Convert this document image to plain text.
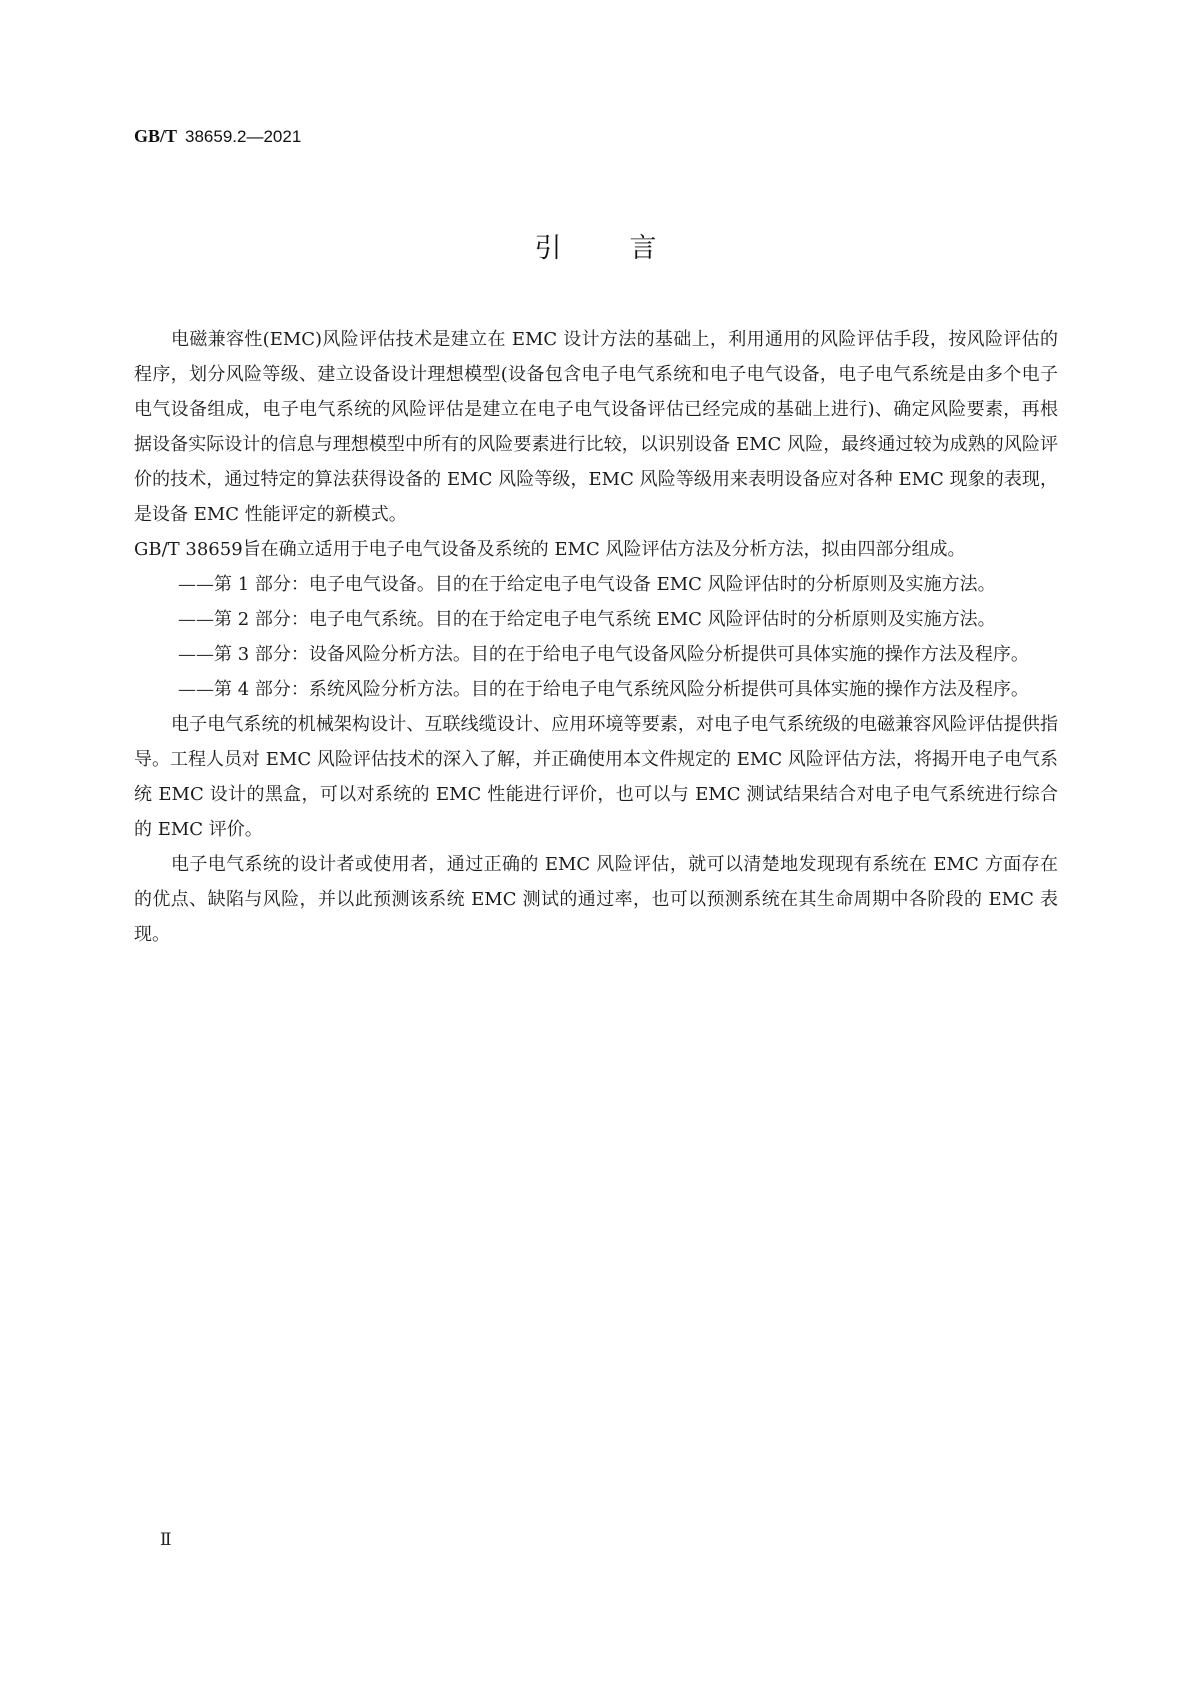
GB/T 38659.2—2021
引	言

电磁兼容性(EMC)风险评估技术是建立在 EMC 设计方法的基础上，利用通用的风险评估手段，按风险评估的程序，划分风险等级、建立设备设计理想模型(设备包含电子电气系统和电子电气设备，电子电气系统是由多个电子电气设备组成，电子电气系统的风险评估是建立在电子电气设备评估已经完成的基础上进行)、确定风险要素，再根据设备实际设计的信息与理想模型中所有的风险要素进行比较，以识别设备 EMC 风险，最终通过较为成熟的风险评价的技术，通过特定的算法获得设备的 EMC 风险等级，EMC 风险等级用来表明设备应对各种 EMC 现象的表现，是设备 EMC 性能评定的新模式。

GB/T 38659旨在确立适用于电子电气设备及系统的 EMC 风险评估方法及分析方法，拟由四部分组成。

—— 第 1 部分：电子电气设备。目的在于给定电子电气设备 EMC 风险评估时的分析原则及实施方法。

—— 第 2 部分：电子电气系统。目的在于给定电子电气系统 EMC 风险评估时的分析原则及实施方法。

—— 第 3 部分：设备风险分析方法。目的在于给电子电气设备风险分析提供可具体实施的操作方法及程序。

—— 第 4 部分：系统风险分析方法。目的在于给电子电气系统风险分析提供可具体实施的操作方法及程序。

电子电气系统的机械架构设计、互联线缆设计、应用环境等要素，对电子电气系统级的电磁兼容风险评估提供指导。工程人员对 EMC 风险评估技术的深入了解，并正确使用本文件规定的 EMC 风险评估方法，将揭开电子电气系统 EMC 设计的黑盒，可以对系统的 EMC 性能进行评价，也可以与 EMC 测试结果结合对电子电气系统进行综合的 EMC 评价。

电子电气系统的设计者或使用者，通过正确的 EMC 风险评估，就可以清楚地发现现有系统在 EMC 方面存在的优点、缺陷与风险，并以此预测该系统 EMC 测试的通过率，也可以预测系统在其生命周期中各阶段的 EMC 表现。

Ⅱ
